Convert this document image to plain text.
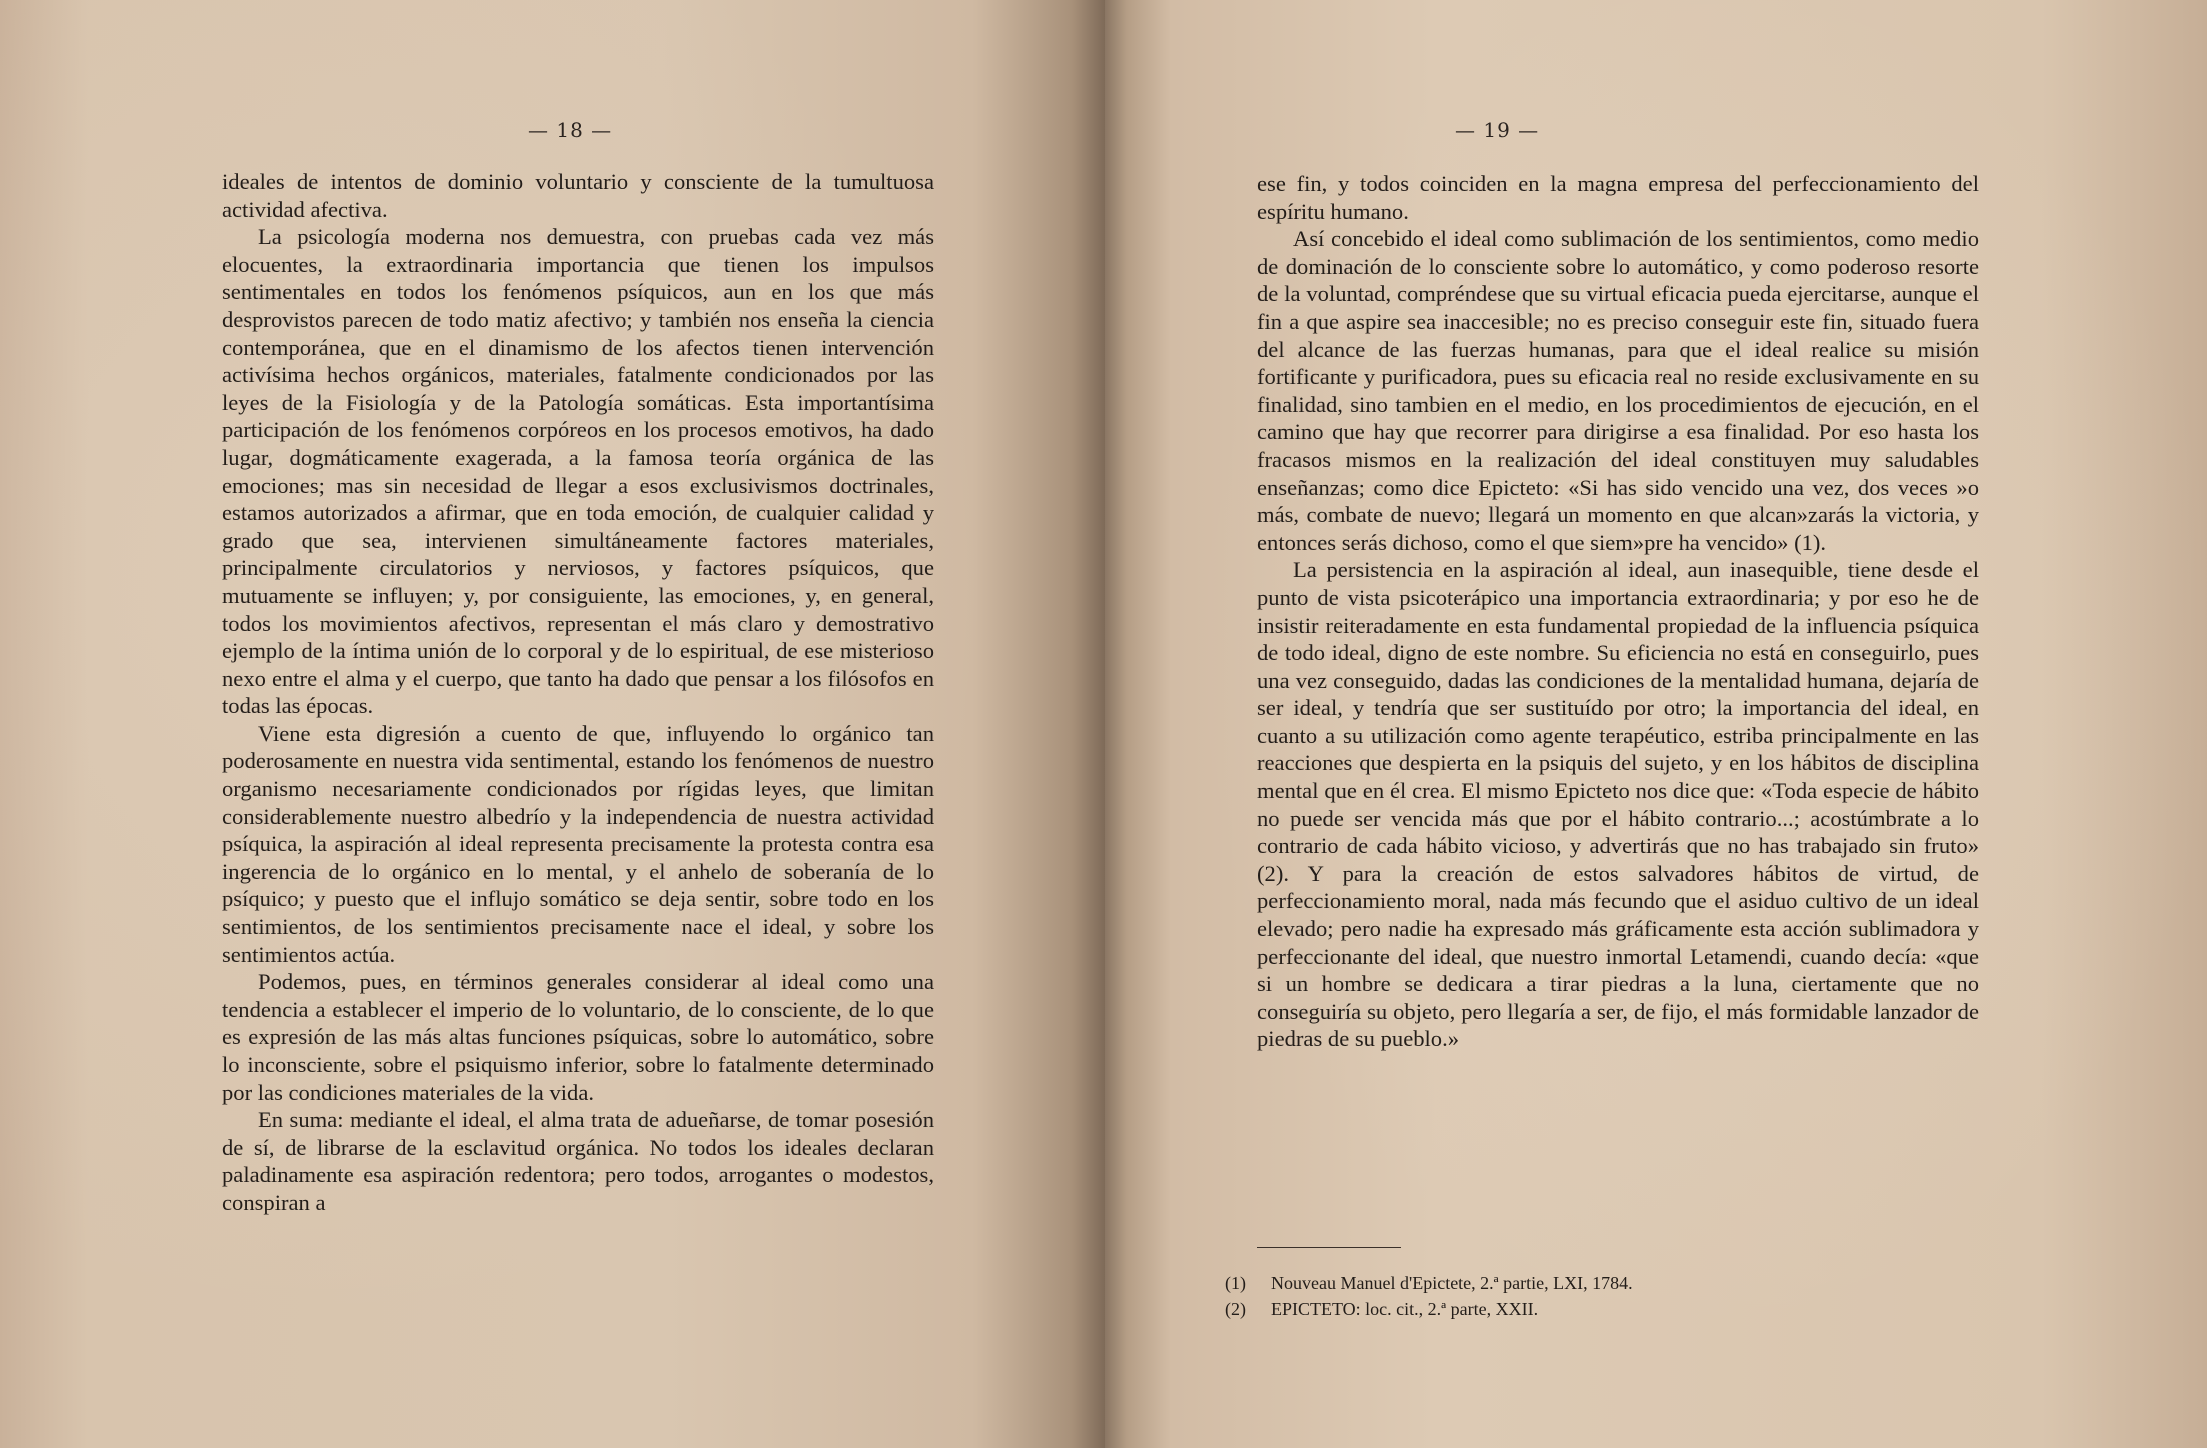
— 18 —

ideales de intentos de dominio voluntario y consciente de la tumultuosa actividad afectiva.

La psicología moderna nos demuestra, con pruebas cada vez más elocuentes, la extraordinaria importancia que tienen los impulsos sentimentales en todos los fenómenos psíquicos, aun en los que más desprovistos parecen de todo matiz afectivo; y también nos enseña la ciencia contemporánea, que en el dinamismo de los afectos tienen intervención activísima hechos orgánicos, materiales, fatalmente condicionados por las leyes de la Fisiología y de la Patología somáticas. Esta importantísima participación de los fenómenos corpóreos en los procesos emotivos, ha dado lugar, dogmáticamente exagerada, a la famosa teoría orgánica de las emociones; mas sin necesidad de llegar a esos exclusivismos doctrinales, estamos autorizados a afirmar, que en toda emoción, de cualquier calidad y grado que sea, intervienen simultáneamente factores materiales, principalmente circulatorios y nerviosos, y factores psíquicos, que mutuamente se influyen; y, por consiguiente, las emociones, y, en general, todos los movimientos afectivos, representan el más claro y demostrativo ejemplo de la íntima unión de lo corporal y de lo espiritual, de ese misterioso nexo entre el alma y el cuerpo, que tanto ha dado que pensar a los filósofos en todas las épocas.

Viene esta digresión a cuento de que, influyendo lo orgánico tan poderosamente en nuestra vida sentimental, estando los fenómenos de nuestro organismo necesariamente condicionados por rígidas leyes, que limitan considerablemente nuestro albedrío y la independencia de nuestra actividad psíquica, la aspiración al ideal representa precisamente la protesta contra esa ingerencia de lo orgánico en lo mental, y el anhelo de soberanía de lo psíquico; y puesto que el influjo somático se deja sentir, sobre todo en los sentimientos, de los sentimientos precisamente nace el ideal, y sobre los sentimientos actúa.

Podemos, pues, en términos generales considerar al ideal como una tendencia a establecer el imperio de lo voluntario, de lo consciente, de lo que es expresión de las más altas funciones psíquicas, sobre lo automático, sobre lo inconsciente, sobre el psiquismo inferior, sobre lo fatalmente determinado por las condiciones materiales de la vida.

En suma: mediante el ideal, el alma trata de adueñarse, de tomar posesión de sí, de librarse de la esclavitud orgánica. No todos los ideales declaran paladinamente esa aspiración redentora; pero todos, arrogantes o modestos, conspiran a

— 19 —

ese fin, y todos coinciden en la magna empresa del perfeccionamiento del espíritu humano.

Así concebido el ideal como sublimación de los sentimientos, como medio de dominación de lo consciente sobre lo automático, y como poderoso resorte de la voluntad, compréndese que su virtual eficacia pueda ejercitarse, aunque el fin a que aspire sea inaccesible; no es preciso conseguir este fin, situado fuera del alcance de las fuerzas humanas, para que el ideal realice su misión fortificante y purificadora, pues su eficacia real no reside exclusivamente en su finalidad, sino tambien en el medio, en los procedimientos de ejecución, en el camino que hay que recorrer para dirigirse a esa finalidad. Por eso hasta los fracasos mismos en la realización del ideal constituyen muy saludables enseñanzas; como dice Epicteto: «Si has sido vencido una vez, dos veces »o más, combate de nuevo; llegará un momento en que alcan»zarás la victoria, y entonces serás dichoso, como el que siem»pre ha vencido» (1).

La persistencia en la aspiración al ideal, aun inasequible, tiene desde el punto de vista psicoterápico una importancia extraordinaria; y por eso he de insistir reiteradamente en esta fundamental propiedad de la influencia psíquica de todo ideal, digno de este nombre. Su eficiencia no está en conseguirlo, pues una vez conseguido, dadas las condiciones de la mentalidad humana, dejaría de ser ideal, y tendría que ser sustituído por otro; la importancia del ideal, en cuanto a su utilización como agente terapéutico, estriba principalmente en las reacciones que despierta en la psiquis del sujeto, y en los hábitos de disciplina mental que en él crea. El mismo Epicteto nos dice que: «Toda especie de hábito no puede ser vencida más que por el hábito contrario...; acostúmbrate a lo contrario de cada hábito vicioso, y advertirás que no has trabajado sin fruto» (2). Y para la creación de estos salvadores hábitos de virtud, de perfeccionamiento moral, nada más fecundo que el asiduo cultivo de un ideal elevado; pero nadie ha expresado más gráficamente esta acción sublimadora y perfeccionante del ideal, que nuestro inmortal Letamendi, cuando decía: «que si un hombre se dedicara a tirar piedras a la luna, ciertamente que no conseguiría su objeto, pero llegaría a ser, de fijo, el más formidable lanzador de piedras de su pueblo.»

(1) Nouveau Manuel d'Epictete, 2.ª partie, LXI, 1784.

(2) EPICTETO: loc. cit., 2.ª parte, XXII.
